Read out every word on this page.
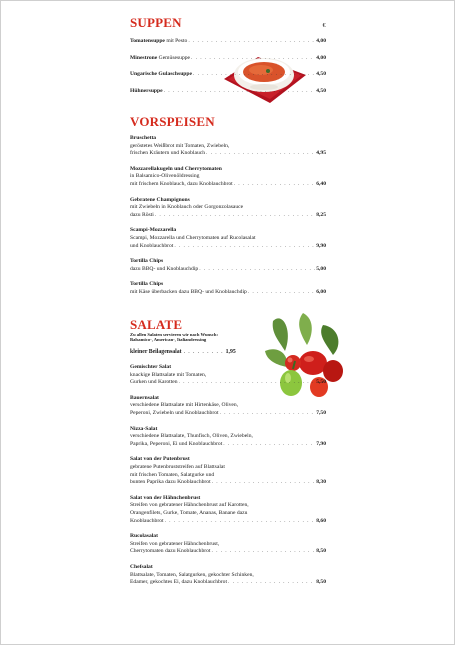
SUPPEN	€
Tomatensuppe mit Pesto . . .	4,00
Minestrone Gemüsesuppe . . .	4,00
Ungarische Gulaschsuppe . . .	4,50
Hühnersuppe . . .	4,50
VORSPEISEN
Bruschetta
geröstetes Weißbrot mit Tomaten, Zwiebeln,
frischen Kräutern und Knoblauch . . .	4,95
Mozzarellakugeln und Cherrytomaten
in Balsamico-Olivenöldressing
mit frischem Knoblauch, dazu Knoblauchbrot . . .	6,40
Gebratene Champignons
mit Zwiebeln in Knoblauch oder Gorgonzolasauce
dazu Rösti . . .	8,25
Scampi-Mozzarella
Scampi, Mozzarella und Cherrytomaten auf Rucolasalat
und Knoblauchbrot . . .	9,90
Tortilla Chips
dazu BBQ- und Knoblauchdip . . .	5,00
Tortilla Chips
mit Käse überbacken dazu BBQ- und Knoblauchdip . . .	6,00
SALATE
Zu allen Salaten servieren wir nach Wunsch:
Balsamico-, American-, Italiandressing
kleiner Beilagensalat . . .	1,95
Gemischter Salat
knackige Blattsalate mit Tomaten,
Gurken und Karotten . . .	5,50
Bauernsalat
verschiedene Blattsalate mit Hirtenkäse, Oliven,
Peperoni, Zwiebeln und Knoblauchbrot . . .	7,50
Nizza-Salat
verschiedene Blattsalate, Thunfisch, Oliven, Zwiebeln,
Paprika, Peperoni, Ei und Knoblauchbrot . . .	7,90
Salat von der Putenbrust
gebratene Putenbruststreifen auf Blattsalat
mit frischen Tomaten, Salatgurke und
bunten Paprika dazu Knoblauchbrot . . .	8,30
Salat von der Hähnchenbrust
Streifen von gebratener Hähnchenbrust auf Karotten,
Orangenfilets, Gurke, Tomate, Ananas, Banane dazu
Knoblauchbrot . . .	8,60
Rucolasalat
Streifen von gebratener Hähnchenbrust,
Cherrytomaten dazu Knoblauchbrot . . .	8,50
Chefsalat
Blattsalate, Tomaten, Salatgurken, gekochter Schinken,
Edamer, gekochtes Ei, dazu Knoblauchbrot . . .	8,50
